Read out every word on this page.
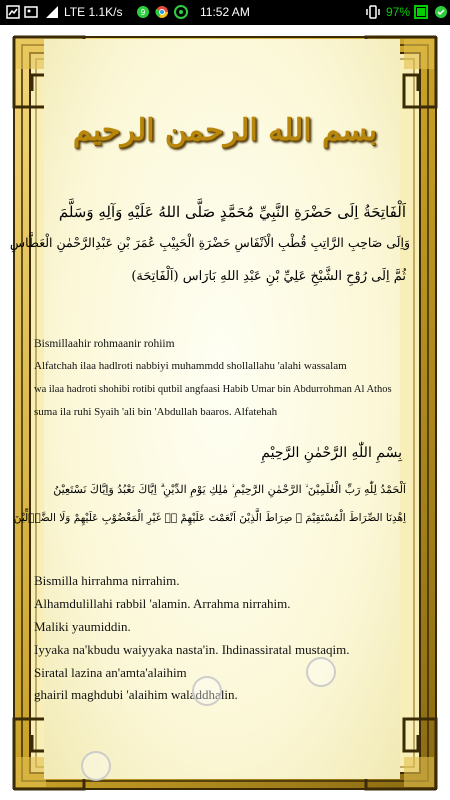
LTE 1.1K/s 9	11:52 AM	97%
بسم الله الرحمن الرحيم
اَلْفَاتِحَةُ اِلَى حَضْرَةِ النَّبِيِّ مُحَمَّدٍ صَلَّى اللهُ عَلَيْهِ وَآلِهِ وَسَلَّمَ
وَاِلَى صَاحِبِ الرَّاتِبِ قُطْبِ الْاَنْفَاسِ حَضْرَةِ الْحَبِيْبِ عُمَرَ بْنِ عَبْدِالرَّحْمٰنِ الْعَطَّاسِ
ثُمَّ اِلَى رُوْحِ الشَّيْخِ عَلِيِّ بْنِ عَبْدِ اللهِ بَارَاس (اَلْفَاتِحَة)
Bismillaahir rohmaanir rohiim
Alfatchah ilaa hadlroti nabbiyi muhammdd shollallahu 'alahi wassalam
wa ilaa hadroti shohibi rotibi qutbil angfaasi Habib Umar bin Abdurrohman Al Athos
suma ila ruhi Syaih 'ali bin 'Abdullah baaros. Alfatehah
بِسْمِ اللّٰهِ الرَّحْمٰنِ الرَّحِيْمِ
اَلْحَمْدُ لِلّٰهِ رَبِّ الْعٰلَمِيْنَ ۙ الرَّحْمٰنِ الرَّحِيْمِ ۙ مٰلِكِ يَوْمِ الدِّيْنِ ۗ اِيَّاكَ نَعْبُدُ وَاِيَّاكَ نَسْتَعِيْنُ
اِهْدِنَا الصِّرَاطَ الْمُسْتَقِيْمَ ۙ صِرَاطَ الَّذِيْنَ اَنْعَمْتَ عَلَيْهِمْ ەۙ غَيْرِ الْمَغْضُوْبِ عَلَيْهِمْ وَلَا الضَّاۤلِّيْنَ
Bismilla hirrahma nirrahim.
Alhamdulillahi rabbil 'alamin. Arrahma nirrahim.
Maliki yaumiddin.
Iyyaka na'kbudu waiyyaka nasta'in. Ihdinassiratal mustaqim.
Siratal lazina an'amta'alaihim
ghairil maghdubi 'alaihim waladdhalin.
